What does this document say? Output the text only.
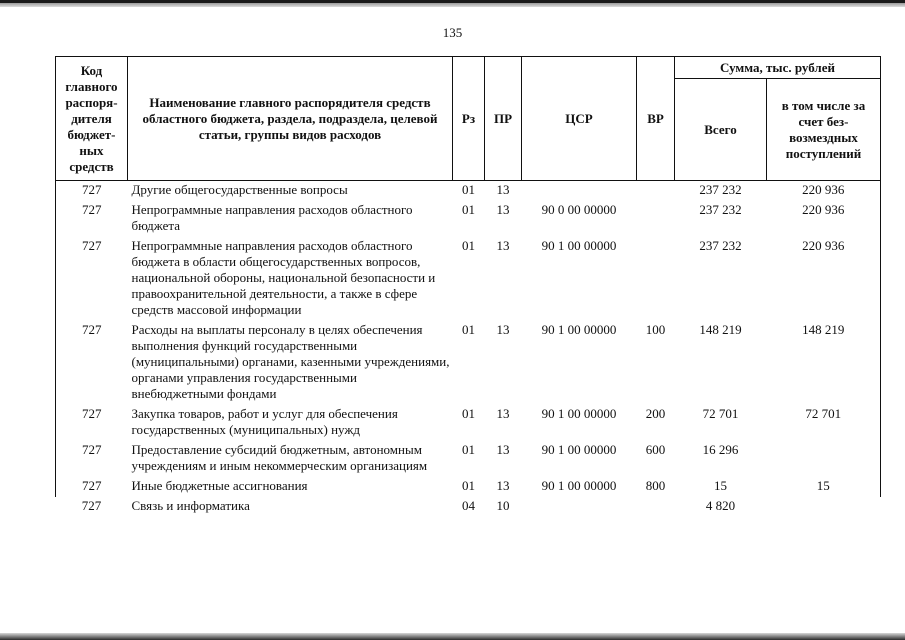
135
Код главного распоря-дителя бюджет-ных средств	Наименование главного распорядителя средств областного бюджета, раздела, подраздела, целевой статьи, группы видов расходов	Рз	ПР	ЦСР	ВР	Сумма, тыс. рублей	
						Всего	в том числе за счет без-возмездных поступлений
727	Другие общегосударственные вопросы	01	13			237 232	220 936
727	Непрограммные направления расходов областного бюджета	01	13	90 0 00 00000		237 232	220 936
727	Непрограммные направления расходов областного бюджета в области общегосударственных вопросов, национальной обороны, национальной безопасности и правоохранительной деятельности, а также в сфере средств массовой информации	01	13	90 1 00 00000		237 232	220 936
727	Расходы на выплаты персоналу в целях обеспечения выполнения функций государственными (муниципальными) органами, казенными учреждениями, органами управления государственными внебюджетными фондами	01	13	90 1 00 00000	100	148 219	148 219
727	Закупка товаров, работ и услуг для обеспечения государственных (муниципальных) нужд	01	13	90 1 00 00000	200	72 701	72 701
727	Предоставление субсидий бюджетным, автономным учреждениям и иным некоммерческим организациям	01	13	90 1 00 00000	600	16 296	
727	Иные бюджетные ассигнования	01	13	90 1 00 00000	800	15	15
727	Связь и информатика	04	10			4 820	
